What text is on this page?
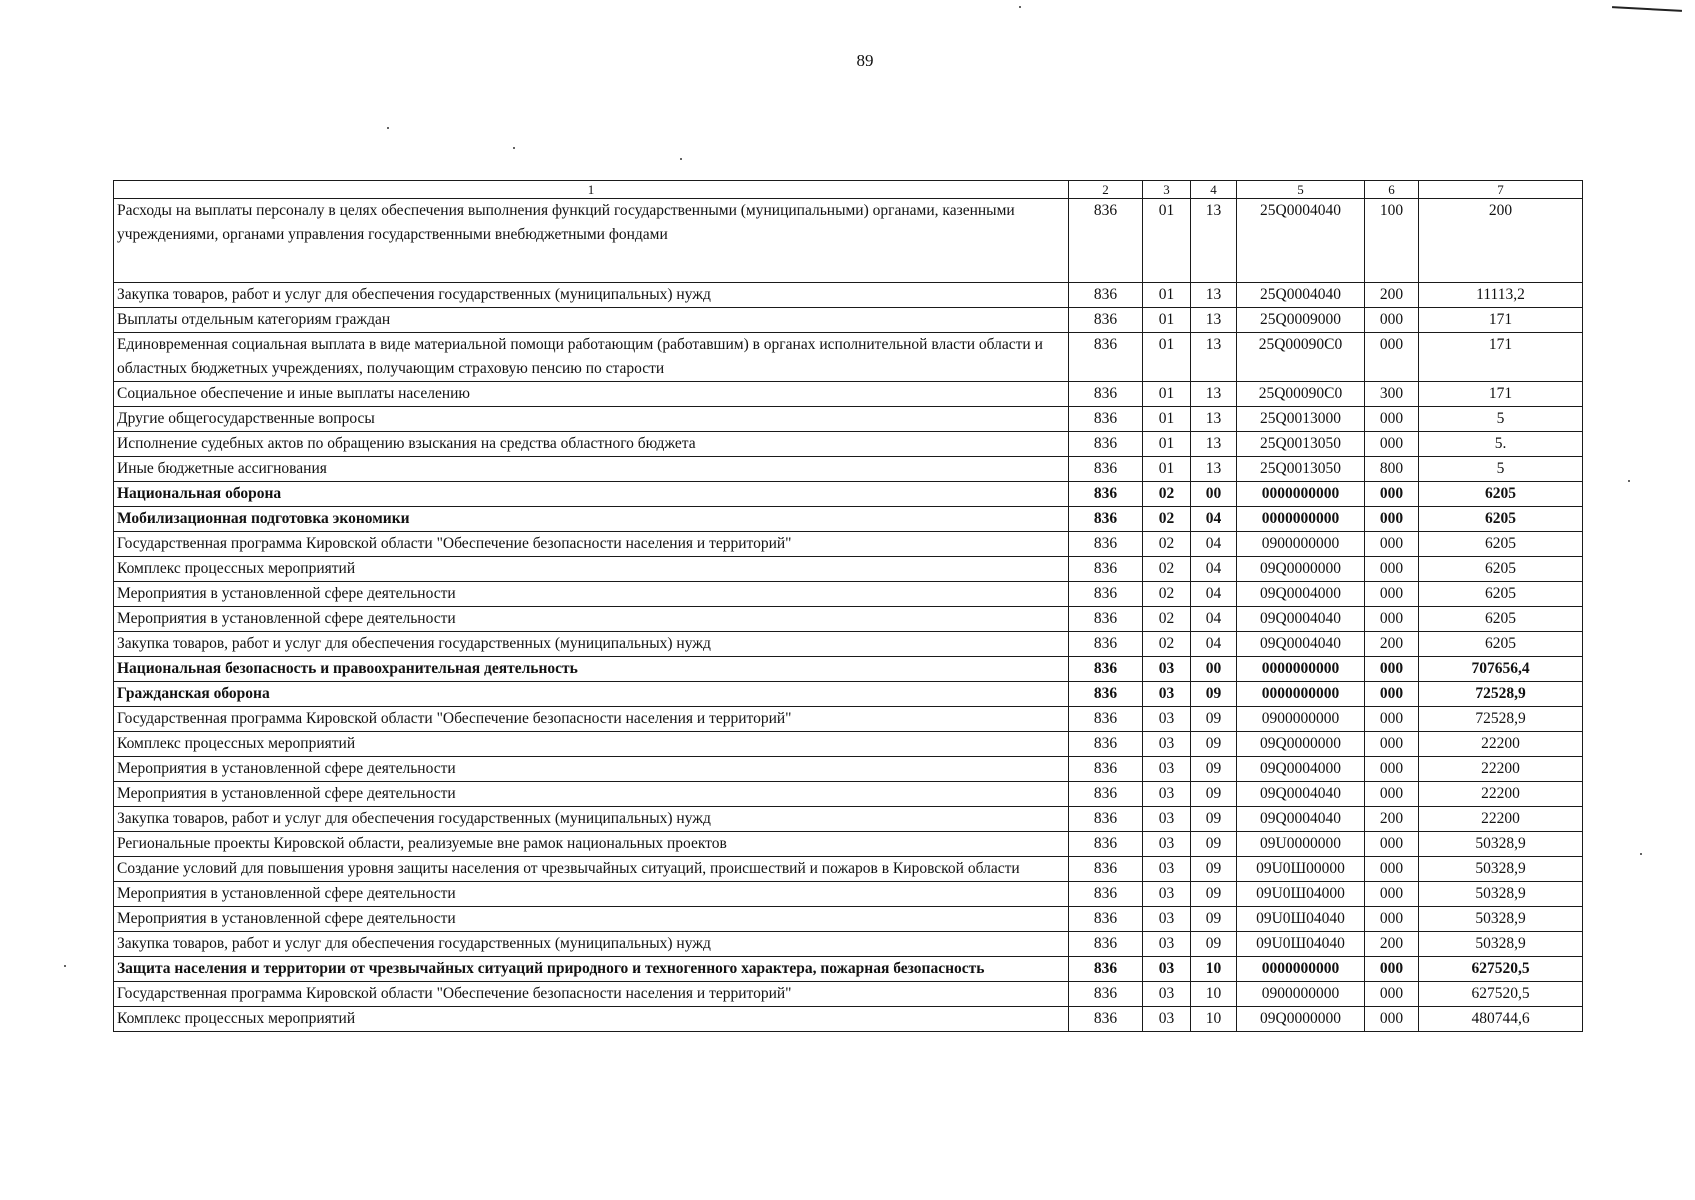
89
1	2	3	4	5	6	7
Расходы на выплаты персоналу в целях обеспечения выполнения функций государственными (муниципальными) органами, казенными учреждениями, органами управления государственными внебюджетными фондами	836	01	13	25Q0004040	100	200
Закупка товаров, работ и услуг для обеспечения государственных (муниципальных) нужд	836	01	13	25Q0004040	200	11113,2
Выплаты отдельным категориям граждан	836	01	13	25Q0009000	000	171
Единовременная социальная выплата в виде материальной помощи работающим (работавшим) в органах исполнительной власти области и областных бюджетных учреждениях, получающим страховую пенсию по старости	836	01	13	25Q00090C0	000	171
Социальное обеспечение и иные выплаты населению	836	01	13	25Q00090C0	300	171
Другие общегосударственные вопросы	836	01	13	25Q0013000	000	5
Исполнение судебных актов по обращению взыскания на средства областного бюджета	836	01	13	25Q0013050	000	5.
Иные бюджетные ассигнования	836	01	13	25Q0013050	800	5
Национальная оборона	836	02	00	0000000000	000	6205
Мобилизационная подготовка экономики	836	02	04	0000000000	000	6205
Государственная программа Кировской области "Обеспечение безопасности населения и территорий"	836	02	04	0900000000	000	6205
Комплекс процессных мероприятий	836	02	04	09Q0000000	000	6205
Мероприятия в установленной сфере деятельности	836	02	04	09Q0004000	000	6205
Мероприятия в установленной сфере деятельности	836	02	04	09Q0004040	000	6205
Закупка товаров, работ и услуг для обеспечения государственных (муниципальных) нужд	836	02	04	09Q0004040	200	6205
Национальная безопасность и правоохранительная деятельность	836	03	00	0000000000	000	707656,4
Гражданская оборона	836	03	09	0000000000	000	72528,9
Государственная программа Кировской области "Обеспечение безопасности населения и территорий"	836	03	09	0900000000	000	72528,9
Комплекс процессных мероприятий	836	03	09	09Q0000000	000	22200
Мероприятия в установленной сфере деятельности	836	03	09	09Q0004000	000	22200
Мероприятия в установленной сфере деятельности	836	03	09	09Q0004040	000	22200
Закупка товаров, работ и услуг для обеспечения государственных (муниципальных) нужд	836	03	09	09Q0004040	200	22200
Региональные проекты Кировской области, реализуемые вне рамок национальных проектов	836	03	09	09U0000000	000	50328,9
Создание условий для повышения уровня защиты населения от чрезвычайных ситуаций, происшествий и пожаров в Кировской области	836	03	09	09U0Ш00000	000	50328,9
Мероприятия в установленной сфере деятельности	836	03	09	09U0Ш04000	000	50328,9
Мероприятия в установленной сфере деятельности	836	03	09	09U0Ш04040	000	50328,9
Закупка товаров, работ и услуг для обеспечения государственных (муниципальных) нужд	836	03	09	09U0Ш04040	200	50328,9
Защита населения и территории от чрезвычайных ситуаций природного и техногенного характера, пожарная безопасность	836	03	10	0000000000	000	627520,5
Государственная программа Кировской области "Обеспечение безопасности населения и территорий"	836	03	10	0900000000	000	627520,5
Комплекс процессных мероприятий	836	03	10	09Q0000000	000	480744,6
